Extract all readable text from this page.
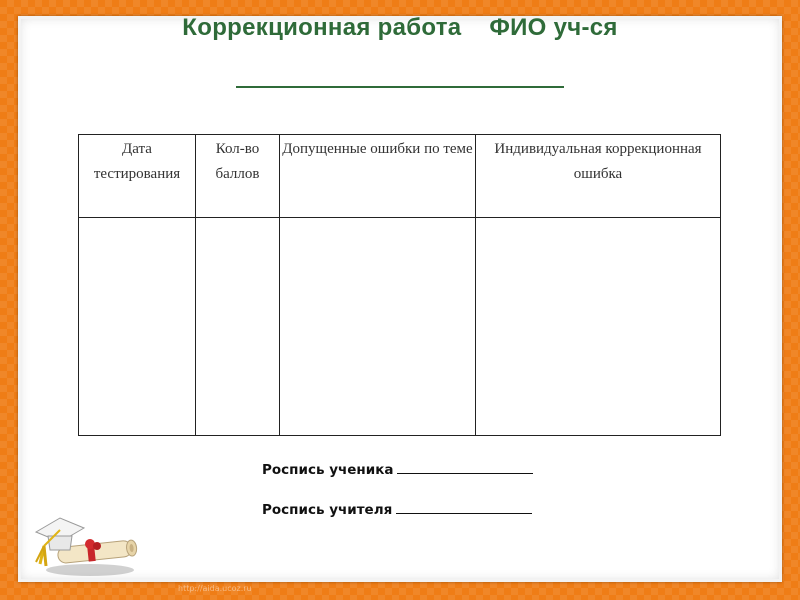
Коррекционная работа    ФИО уч-ся
Дата тестирования	Кол-во баллов	Допущенные ошибки по теме	Индивидуальная коррекционная ошибка

Роспись ученика
Роспись учителя
http://aida.ucoz.ru
